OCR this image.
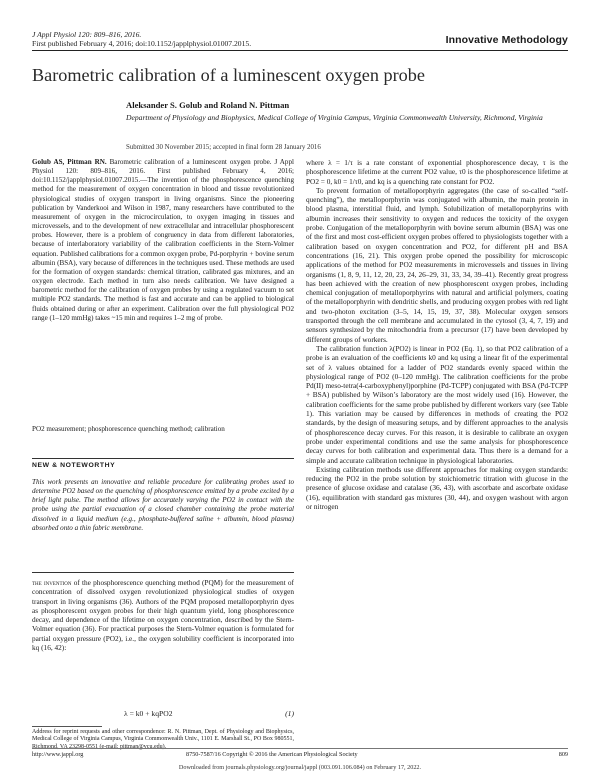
J Appl Physiol 120: 809–816, 2016.
First published February 4, 2016; doi:10.1152/japplphysiol.01007.2015.	Innovative Methodology
Barometric calibration of a luminescent oxygen probe
Aleksander S. Golub and Roland N. Pittman
Department of Physiology and Biophysics, Medical College of Virginia Campus, Virginia Commonwealth University, Richmond, Virginia
Submitted 30 November 2015; accepted in final form 28 January 2016

Golub AS, Pittman RN. Barometric calibration of a luminescent oxygen probe. J Appl Physiol 120: 809–816, 2016. First published February 4, 2016; doi:10.1152/japplphysiol.01007.2015.—The invention of the phosphorescence quenching method for the measurement of oxygen concentration in blood and tissue revolutionized physiological studies of oxygen transport in living organisms. Since the pioneering publication by Vanderkooi and Wilson in 1987, many researchers have contributed to the measurement of oxygen in the microcirculation, to oxygen imaging in tissues and microvessels, and to the development of new extracellular and intracellular phosphorescent probes. However, there is a problem of congruency in data from different laboratories, because of interlaboratory variability of the calibration coefficients in the Stern-Volmer equation. Published calibrations for a common oxygen probe, Pd-porphyrin + bovine serum albumin (BSA), vary because of differences in the techniques used. These methods are used for the formation of oxygen standards: chemical titration, calibrated gas mixtures, and an oxygen electrode. Each method in turn also needs calibration. We have designed a barometric method for the calibration of oxygen probes by using a regulated vacuum to set multiple PO2 standards. The method is fast and accurate and can be applied to biological fluids obtained during or after an experiment. Calibration over the full physiological PO2 range (1–120 mmHg) takes ~15 min and requires 1–2 mg of probe.

PO2 measurement; phosphorescence quenching method; calibration
NEW & NOTEWORTHY
This work presents an innovative and reliable procedure for calibrating probes used to determine PO2 based on the quenching of phosphorescence emitted by a probe excited by a brief light pulse. The method allows for accurately varying the PO2 in contact with the probe using the partial evacuation of a closed chamber containing the probe material dissolved in a liquid medium (e.g., phosphate-buffered saline + albumin, blood plasma) absorbed onto a thin fabric membrane.

the invention of the phosphorescence quenching method (PQM) for the measurement of concentration of dissolved oxygen revolutionized physiological studies of oxygen transport in living organisms (36). Authors of the PQM proposed metalloporphyrin dyes as phosphorescent oxygen probes for their high quantum yield, long phosphorescence decay, and dependence of the lifetime on oxygen concentration, described by the Stern-Volmer equation (36). For practical purposes the Stern-Volmer equation is formulated for partial oxygen pressure (PO2), i.e., the oxygen solubility coefficient is incorporated into kq (16, 42):

λ = k0 + kqPO2	(1)
Address for reprint requests and other correspondence: R. N. Pittman, Dept. of Physiology and Biophysics, Medical College of Virginia Campus, Virginia Commonwealth Univ., 1101 E. Marshall St., PO Box 980551, Richmond, VA 23298-0551 (e-mail: pittman@vcu.edu).

where λ = 1/τ is a rate constant of exponential phosphorescence decay, τ is the phosphorescence lifetime at the current PO2 value, τ0 is the phosphorescence lifetime at PO2 = 0, k0 = 1/τ0, and kq is a quenching rate constant for PO2.

To prevent formation of metalloporphyrin aggregates (the case of so-called “self-quenching”), the metalloporphyrin was conjugated with albumin, the main protein in blood plasma, interstitial fluid, and lymph. Solubilization of metalloporphyrins with albumin increases their sensitivity to oxygen and reduces the toxicity of the oxygen probe. Conjugation of the metalloporphyrin with bovine serum albumin (BSA) was one of the first and most cost-efficient oxygen probes offered to physiologists together with a calibration based on oxygen concentration and PO2, for different pH and BSA concentrations (16, 21). This oxygen probe opened the possibility for microscopic applications of the method for PO2 measurements in microvessels and tissues in living organisms (1, 8, 9, 11, 12, 20, 23, 24, 26–29, 31, 33, 34, 39–41). Recently great progress has been achieved with the creation of new phosphorescent oxygen probes, including chemical conjugation of metalloporphyrins with natural and artificial polymers, coating of the metalloporphyrin with dendritic shells, and producing oxygen probes with red light and two-photon excitation (3–5, 14, 15, 19, 37, 38). Molecular oxygen sensors transported through the cell membrane and accumulated in the cytosol (3, 4, 7, 19) and sensors synthesized by the mitochondria from a precursor (17) have been developed by different groups of workers.

The calibration function λ(PO2) is linear in PO2 (Eq. 1), so that PO2 calibration of a probe is an evaluation of the coefficients k0 and kq using a linear fit of the experimental set of λ values obtained for a ladder of PO2 standards evenly spaced within the physiological range of PO2 (0–120 mmHg). The calibration coefficients for the probe Pd(II) meso-tetra(4-carboxyphenyl)porphine (Pd-TCPP) conjugated with BSA (Pd-TCPP + BSA) published by Wilson’s laboratory are the most widely used (16). However, the calibration coefficients for the same probe published by different workers vary (see Table 1). This variation may be caused by differences in methods of creating the PO2 standards, by the design of measuring setups, and by different approaches to the analysis of phosphorescence decay curves. For this reason, it is desirable to calibrate an oxygen probe under experimental conditions and use the same analysis for phosphorescence decay curves for both calibration and experimental data. Thus there is a demand for a simple and accurate calibration technique in physiological laboratories.

Existing calibration methods use different approaches for making oxygen standards: reducing the PO2 in the probe solution by stoichiometric titration with glucose in the presence of glucose oxidase and catalase (36, 43), with ascorbate and ascorbate oxidase (16), equilibration with standard gas mixtures (30, 44), and oxygen washout with argon or nitrogen

http://www.jappl.org	8750-7587/16 Copyright © 2016 the American Physiological Society	809
Downloaded from journals.physiology.org/journal/jappl (003.091.106.084) on February 17, 2022.
